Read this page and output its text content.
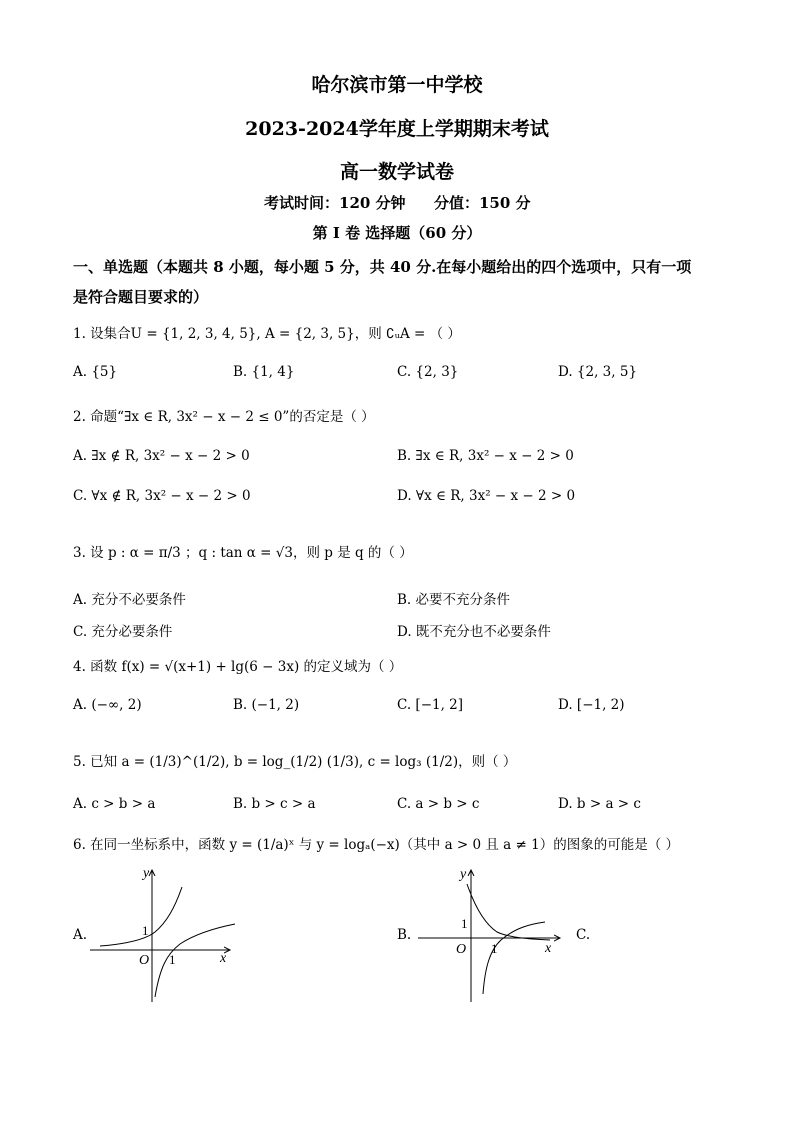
哈尔滨市第一中学校
2023-2024学年度上学期期末考试
高一数学试卷
考试时间：120 分钟 分值：150 分
第 I 卷 选择题（60 分）
一、单选题（本题共 8 小题，每小题 5 分，共 40 分.在每小题给出的四个选项中，只有一项
是符合题目要求的）
1. 设集合U = {1, 2, 3, 4, 5}, A = {2, 3, 5}，则 ∁ᵤA = （ ）
A. {5}	B. {1, 4}	C. {2, 3}	D. {2, 3, 5}
2. 命题“∃x ∈ R, 3x² − x − 2 ≤ 0”的否定是（ ）
A. ∃x ∉ R, 3x² − x − 2 > 0	B. ∃x ∈ R, 3x² − x − 2 > 0
C. ∀x ∉ R, 3x² − x − 2 > 0	D. ∀x ∈ R, 3x² − x − 2 > 0
3. 设 p : α = π/3 ；q : tan α = √3，则 p 是 q 的（ ）
A. 充分不必要条件	B. 必要不充分条件
C. 充分必要条件	D. 既不充分也不必要条件
4. 函数 f(x) = √(x+1) + lg(6 − 3x) 的定义域为（ ）
A. (−∞, 2)	B. (−1, 2)	C. [−1, 2]	D. [−1, 2)
5. 已知 a = (1/3)^(1/2), b = log_(1/2) (1/3), c = log₃ (1/2)，则（ ）
A. c > b > a	B. b > c > a	C. a > b > c	D. b > a > c
6. 在同一坐标系中，函数 y = (1/a)ˣ 与 y = logₐ(−x)（其中 a > 0 且 a ≠ 1）的图象的可能是（ ）
A.	B.	C.
y
x
O
1
1
y
x
O
1
1
